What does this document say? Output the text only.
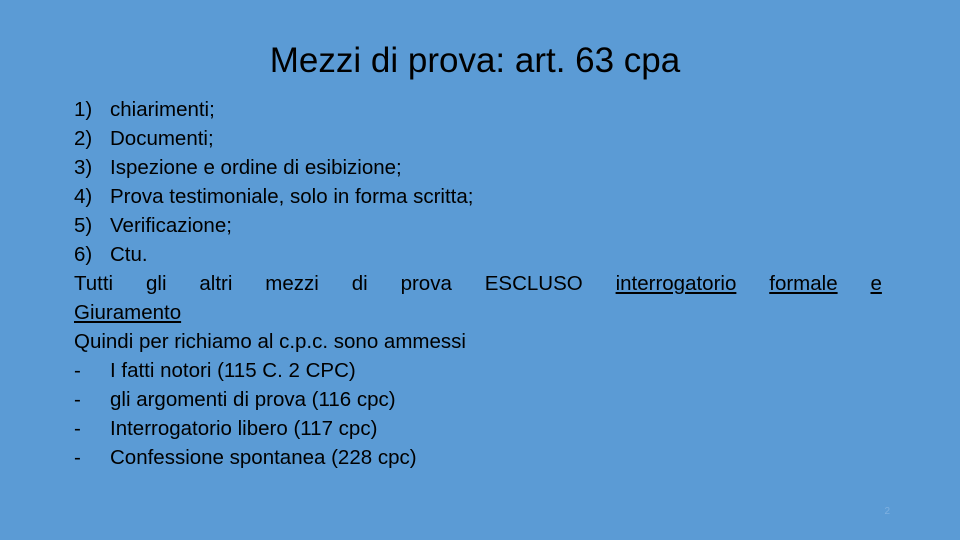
Mezzi di prova: art. 63 cpa
1) chiarimenti;
2) Documenti;
3) Ispezione e ordine di esibizione;
4) Prova testimoniale, solo in forma scritta;
5) Verificazione;
6) Ctu.
Tutti gli altri mezzi di prova ESCLUSO interrogatorio formale e
Giuramento
Quindi per richiamo al c.p.c. sono ammessi
-	I fatti notori (115 C. 2 CPC)
-	gli argomenti di prova (116 cpc)
-	Interrogatorio libero (117 cpc)
-	Confessione spontanea (228 cpc)
2
